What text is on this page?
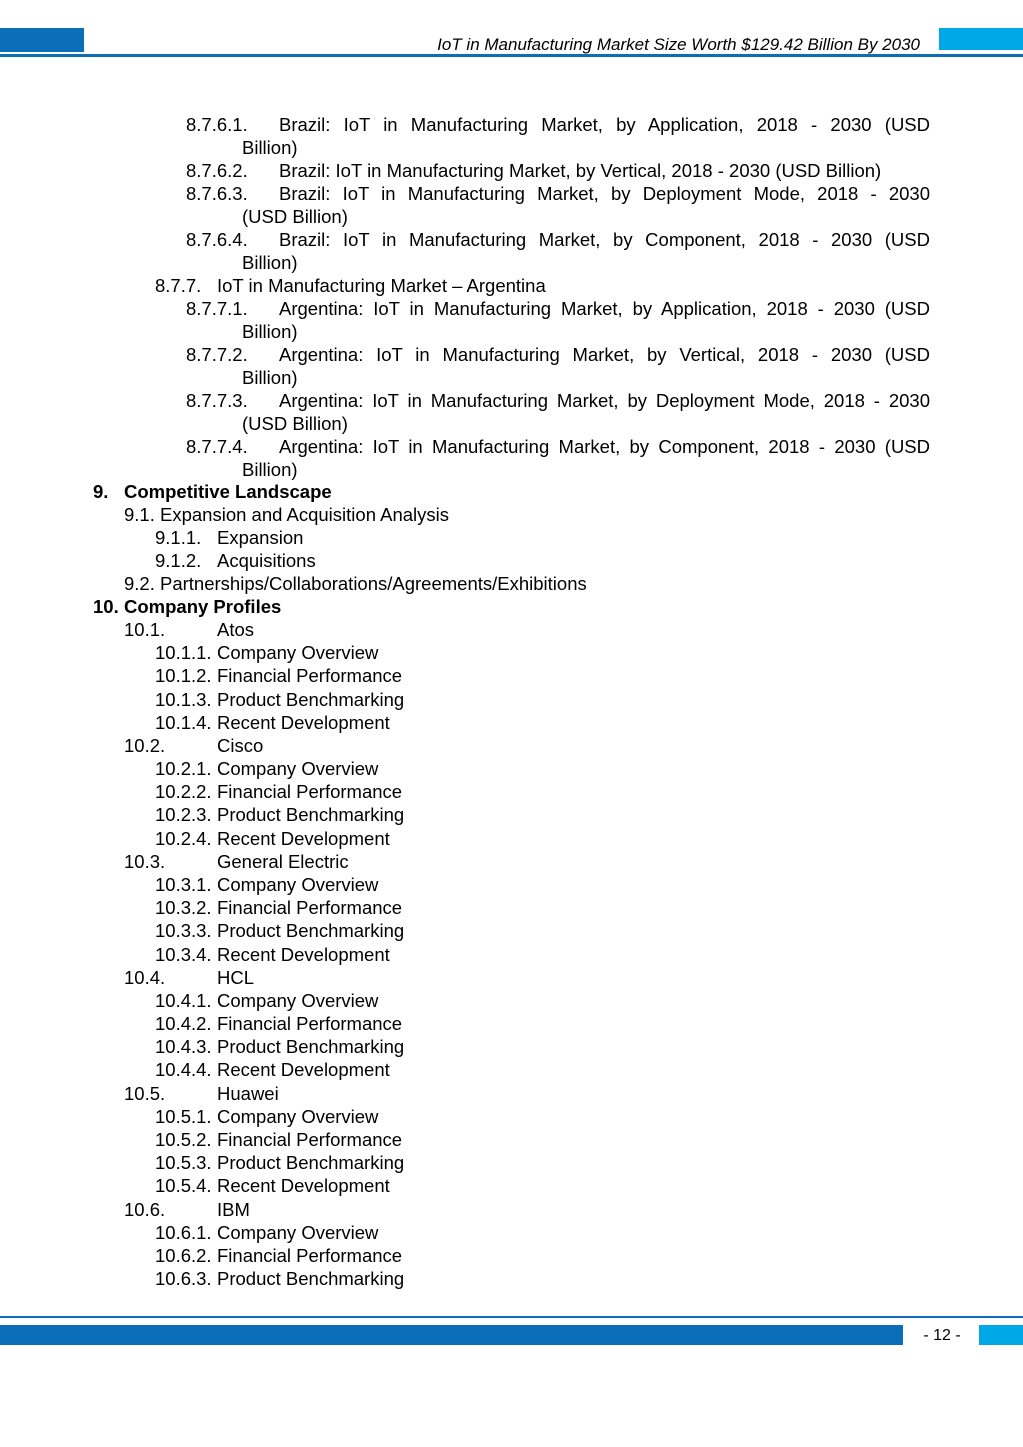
IoT in Manufacturing Market Size Worth $129.42 Billion By 2030
8.7.6.1. Brazil: IoT in Manufacturing Market, by Application, 2018 - 2030 (USD
Billion)
8.7.6.2. Brazil: IoT in Manufacturing Market, by Vertical, 2018 - 2030 (USD Billion)
8.7.6.3. Brazil: IoT in Manufacturing Market, by Deployment Mode, 2018 - 2030
(USD Billion)
8.7.6.4. Brazil: IoT in Manufacturing Market, by Component, 2018 - 2030 (USD
Billion)
8.7.7. IoT in Manufacturing Market – Argentina
8.7.7.1. Argentina: IoT in Manufacturing Market, by Application, 2018 - 2030 (USD
Billion)
8.7.7.2. Argentina: IoT in Manufacturing Market, by Vertical, 2018 - 2030 (USD
Billion)
8.7.7.3. Argentina: IoT in Manufacturing Market, by Deployment Mode, 2018 - 2030
(USD Billion)
8.7.7.4. Argentina: IoT in Manufacturing Market, by Component, 2018 - 2030 (USD
Billion)
9. Competitive Landscape
9.1. Expansion and Acquisition Analysis
9.1.1. Expansion
9.1.2. Acquisitions
9.2. Partnerships/Collaborations/Agreements/Exhibitions
10. Company Profiles
10.1.	Atos
10.1.1. Company Overview
10.1.2. Financial Performance
10.1.3. Product Benchmarking
10.1.4. Recent Development
10.2.	Cisco
10.2.1. Company Overview
10.2.2. Financial Performance
10.2.3. Product Benchmarking
10.2.4. Recent Development
10.3.	General Electric
10.3.1. Company Overview
10.3.2. Financial Performance
10.3.3. Product Benchmarking
10.3.4. Recent Development
10.4.	HCL
10.4.1. Company Overview
10.4.2. Financial Performance
10.4.3. Product Benchmarking
10.4.4. Recent Development
10.5.	Huawei
10.5.1. Company Overview
10.5.2. Financial Performance
10.5.3. Product Benchmarking
10.5.4. Recent Development
10.6.	IBM
10.6.1. Company Overview
10.6.2. Financial Performance
10.6.3. Product Benchmarking
- 12 -
